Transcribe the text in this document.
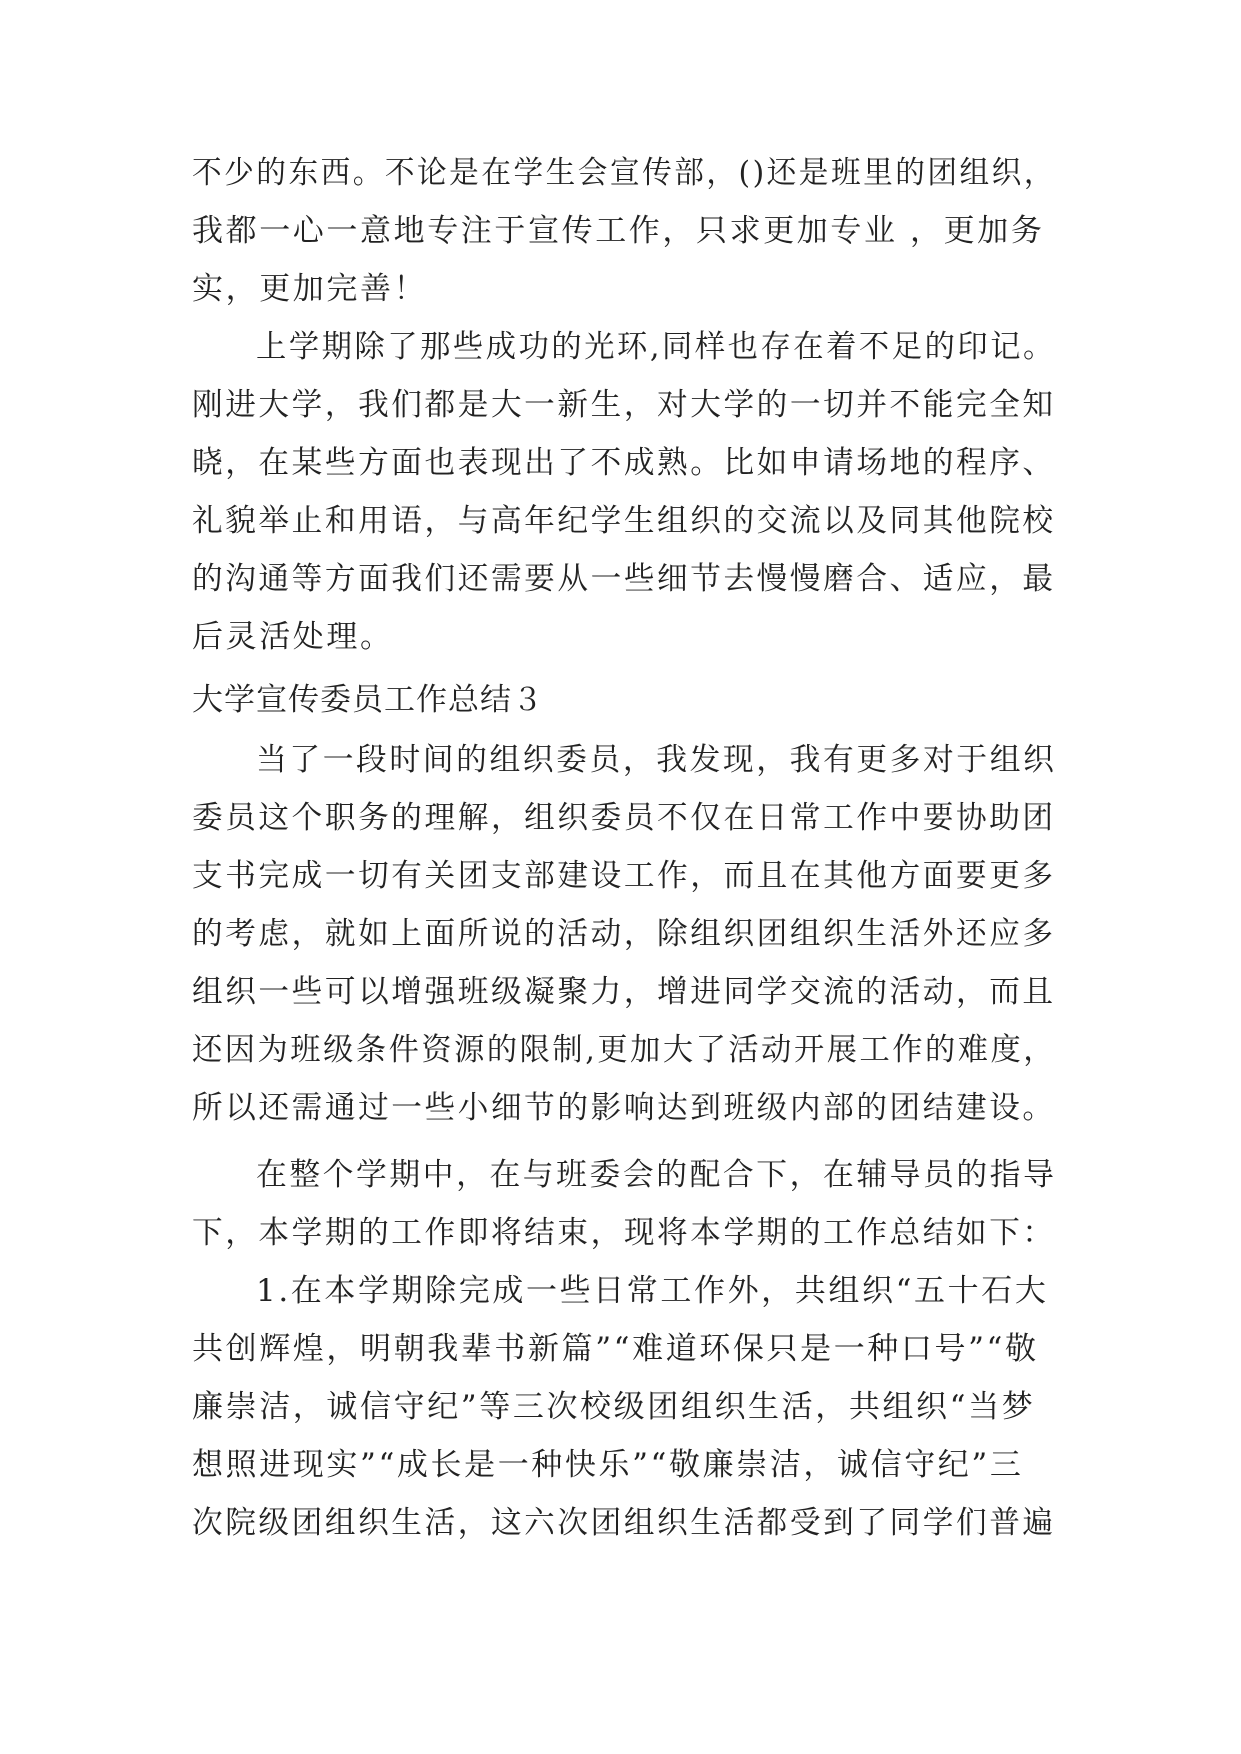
不少的东西。不论是在学生会宣传部，()还是班里的团组织，
我都一心一意地专注于宣传工作，只求更加专业 ，更加务
实，更加完善！
上学期除了那些成功的光环,同样也存在着不足的印记。
刚进大学，我们都是大一新生，对大学的一切并不能完全知
晓，在某些方面也表现出了不成熟。比如申请场地的程序、
礼貌举止和用语，与高年纪学生组织的交流以及同其他院校
的沟通等方面我们还需要从一些细节去慢慢磨合、适应，最
后灵活处理。
大学宣传委员工作总结３
当了一段时间的组织委员，我发现，我有更多对于组织
委员这个职务的理解，组织委员不仅在日常工作中要协助团
支书完成一切有关团支部建设工作，而且在其他方面要更多
的考虑，就如上面所说的活动，除组织团组织生活外还应多
组织一些可以增强班级凝聚力，增进同学交流的活动，而且
还因为班级条件资源的限制,更加大了活动开展工作的难度，
所以还需通过一些小细节的影响达到班级内部的团结建设。
在整个学期中，在与班委会的配合下，在辅导员的指导
下，本学期的工作即将结束，现将本学期的工作总结如下：
1.在本学期除完成一些日常工作外，共组织“五十石大
共创辉煌，明朝我辈书新篇”“难道环保只是一种口号”“敬
廉崇洁，诚信守纪”等三次校级团组织生活，共组织“当梦
想照进现实”“成长是一种快乐”“敬廉崇洁，诚信守纪”三
次院级团组织生活，这六次团组织生活都受到了同学们普遍
